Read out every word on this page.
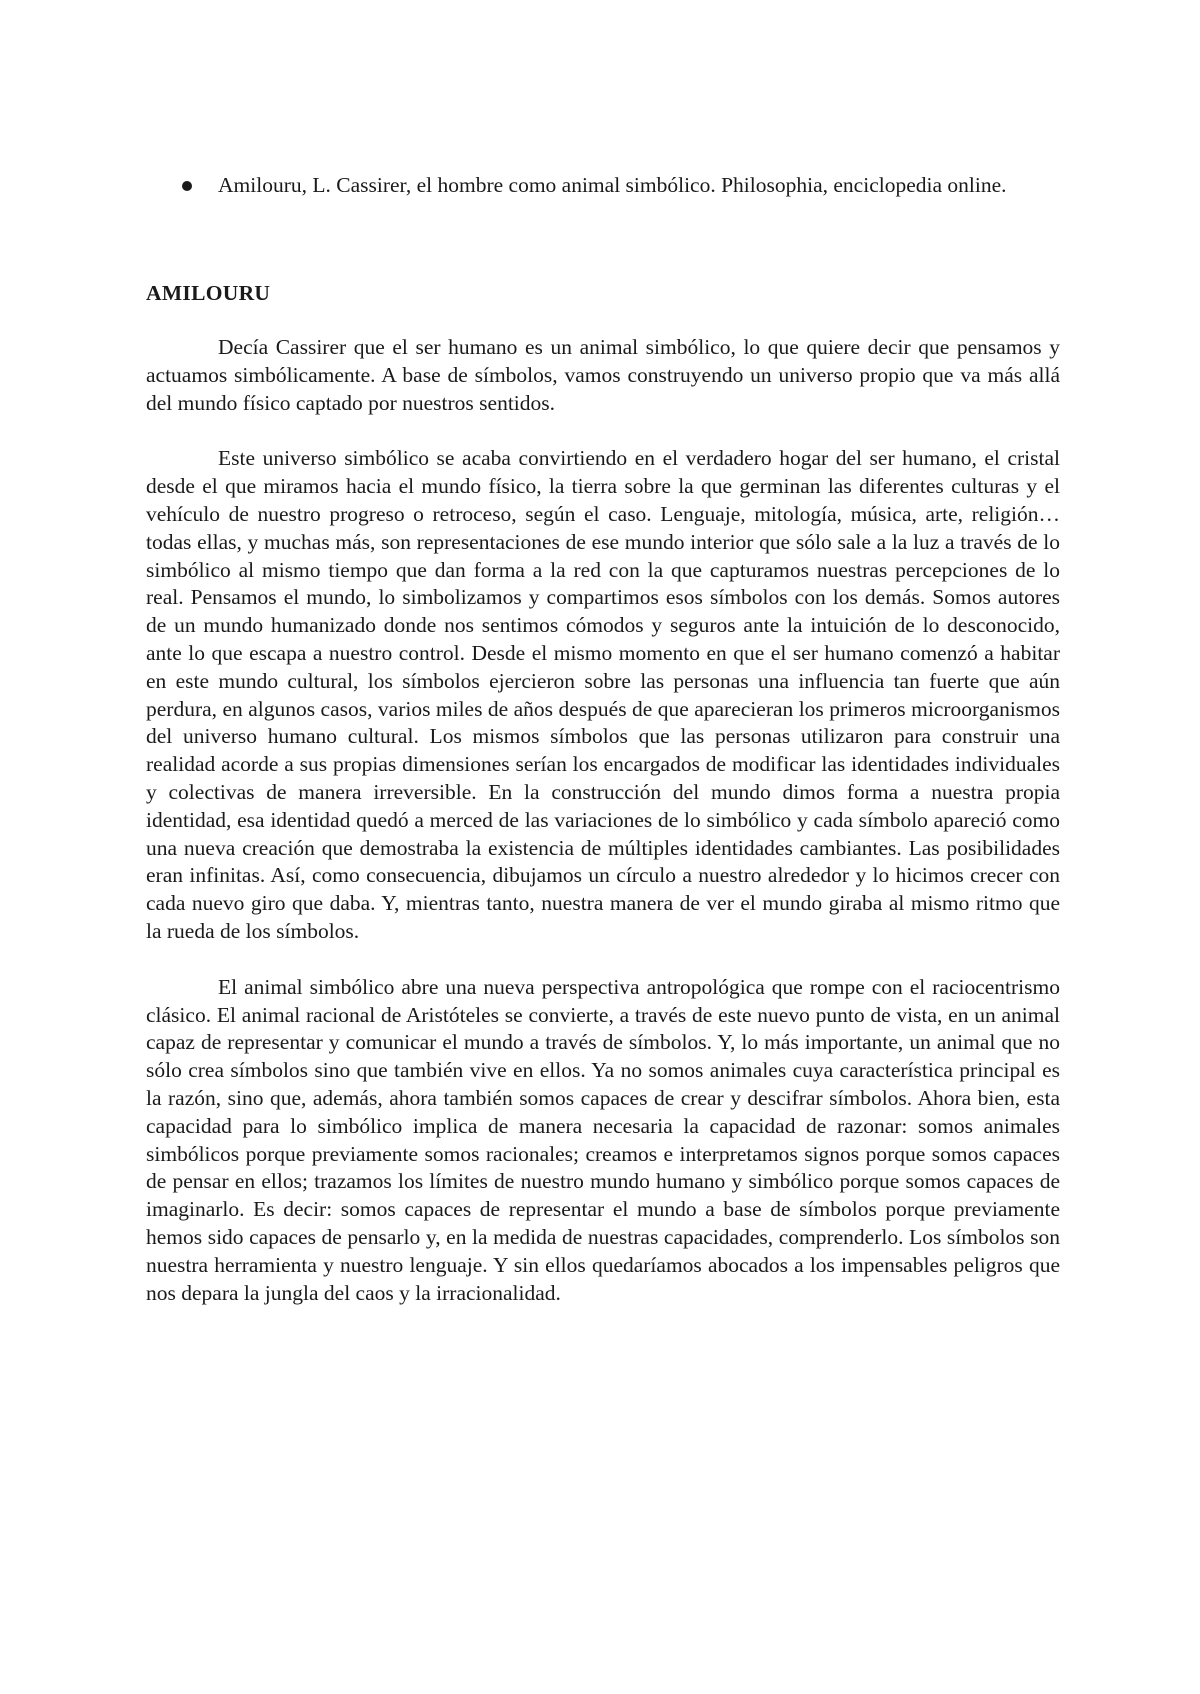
Amilouru, L. Cassirer, el hombre como animal simbólico. Philosophia, enciclopedia online.
AMILOURU

Decía Cassirer que el ser humano es un animal simbólico, lo que quiere decir que pensamos y actuamos simbólicamente. A base de símbolos, vamos construyendo un universo propio que va más allá del mundo físico captado por nuestros sentidos.

Este universo simbólico se acaba convirtiendo en el verdadero hogar del ser humano, el cristal desde el que miramos hacia el mundo físico, la tierra sobre la que germinan las diferentes culturas y el vehículo de nuestro progreso o retroceso, según el caso. Lenguaje, mitología, música, arte, religión… todas ellas, y muchas más, son representaciones de ese mundo interior que sólo sale a la luz a través de lo simbólico al mismo tiempo que dan forma a la red con la que capturamos nuestras percepciones de lo real. Pensamos el mundo, lo simbolizamos y compartimos esos símbolos con los demás. Somos autores de un mundo humanizado donde nos sentimos cómodos y seguros ante la intuición de lo desconocido, ante lo que escapa a nuestro control. Desde el mismo momento en que el ser humano comenzó a habitar en este mundo cultural, los símbolos ejercieron sobre las personas una influencia tan fuerte que aún perdura, en algunos casos, varios miles de años después de que aparecieran los primeros microorganismos del universo humano cultural. Los mismos símbolos que las personas utilizaron para construir una realidad acorde a sus propias dimensiones serían los encargados de modificar las identidades individuales y colectivas de manera irreversible. En la construcción del mundo dimos forma a nuestra propia identidad, esa identidad quedó a merced de las variaciones de lo simbólico y cada símbolo apareció como una nueva creación que demostraba la existencia de múltiples identidades cambiantes. Las posibilidades eran infinitas. Así, como consecuencia, dibujamos un círculo a nuestro alrededor y lo hicimos crecer con cada nuevo giro que daba. Y, mientras tanto, nuestra manera de ver el mundo giraba al mismo ritmo que la rueda de los símbolos.

El animal simbólico abre una nueva perspectiva antropológica que rompe con el raciocentrismo clásico. El animal racional de Aristóteles se convierte, a través de este nuevo punto de vista, en un animal capaz de representar y comunicar el mundo a través de símbolos. Y, lo más importante, un animal que no sólo crea símbolos sino que también vive en ellos. Ya no somos animales cuya característica principal es la razón, sino que, además, ahora también somos capaces de crear y descifrar símbolos. Ahora bien, esta capacidad para lo simbólico implica de manera necesaria la capacidad de razonar: somos animales simbólicos porque previamente somos racionales; creamos e interpretamos signos porque somos capaces de pensar en ellos; trazamos los límites de nuestro mundo humano y simbólico porque somos capaces de imaginarlo. Es decir: somos capaces de representar el mundo a base de símbolos porque previamente hemos sido capaces de pensarlo y, en la medida de nuestras capacidades, comprenderlo. Los símbolos son nuestra herramienta y nuestro lenguaje. Y sin ellos quedaríamos abocados a los impensables peligros que nos depara la jungla del caos y la irracionalidad.
